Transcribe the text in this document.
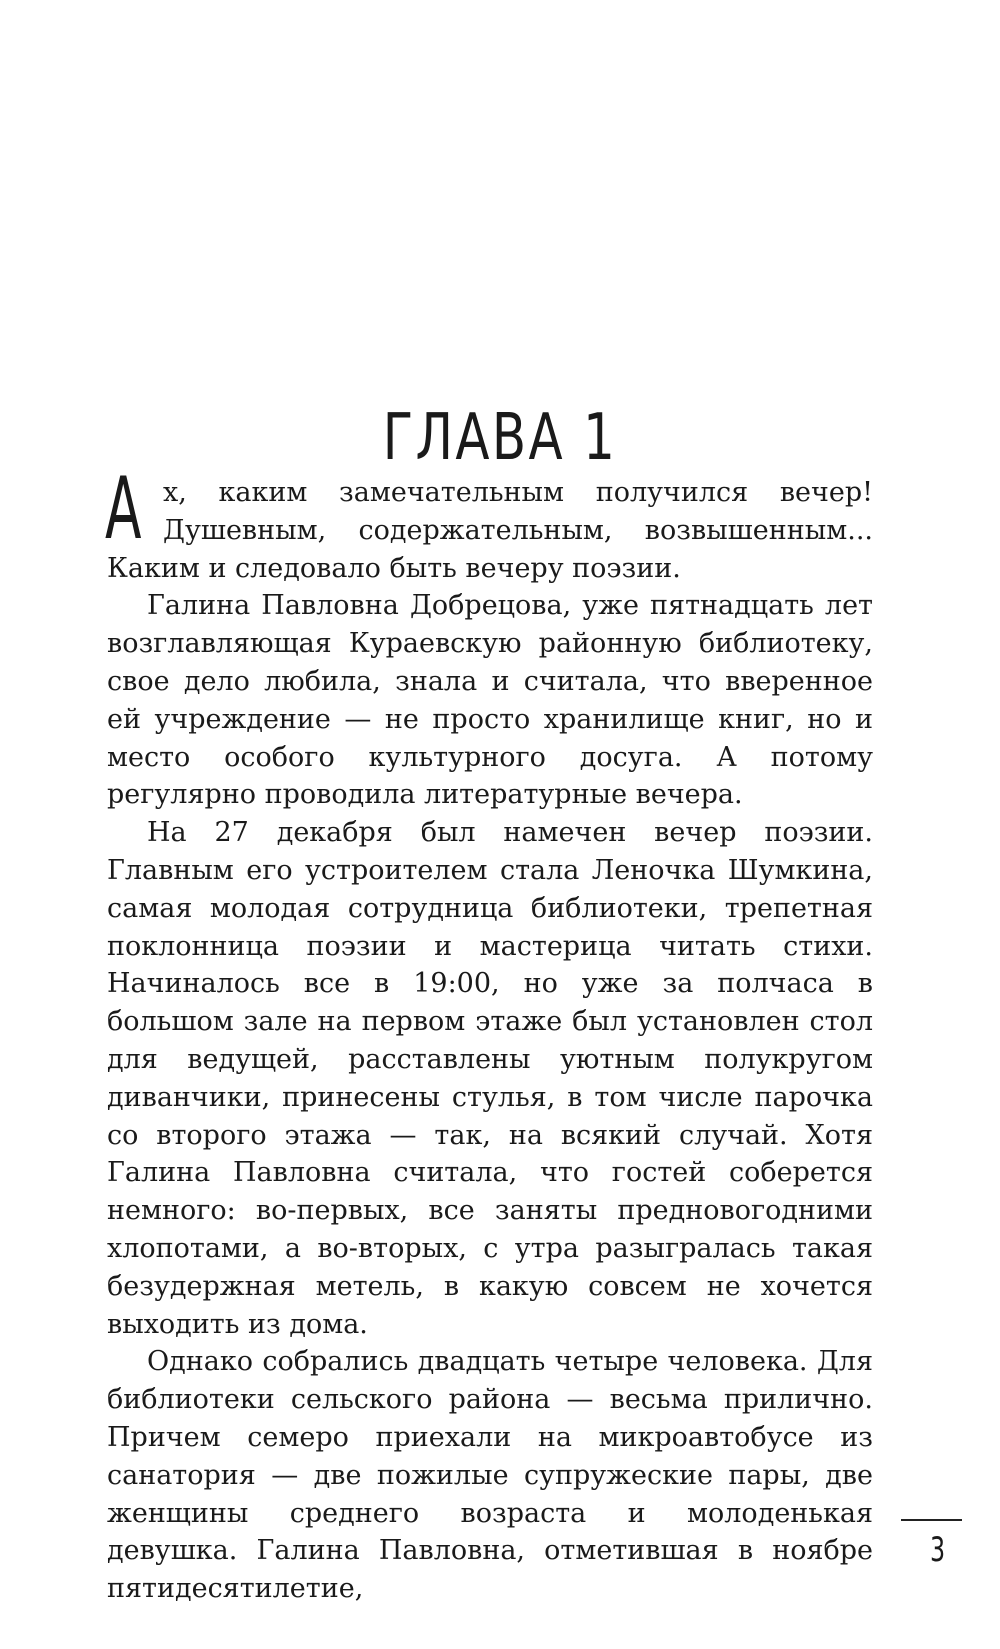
ГЛАВА 1

Ах, каким замечательным получился вечер! Душевным, содержательным, возвышенным... Каким и следовало быть вечеру поэзии.

Галина Павловна Добрецова, уже пятнадцать лет возглавляющая Кураевскую районную библиотеку, свое дело любила, знала и считала, что вверенное ей учреждение — не просто хранилище книг, но и место особого культурного досуга. А потому регулярно проводила литературные вечера.

На 27 декабря был намечен вечер поэзии. Главным его устроителем стала Леночка Шумкина, самая молодая сотрудница библиотеки, трепетная поклонница поэзии и мастерица читать стихи. Начиналось все в 19:00, но уже за полчаса в большом зале на первом этаже был установлен стол для ведущей, расставлены уютным полукругом диванчики, принесены стулья, в том числе парочка со второго этажа — так, на всякий случай. Хотя Галина Павловна считала, что гостей соберется немного: во-первых, все заняты предновогодними хлопотами, а во-вторых, с утра разыгралась такая безудержная метель, в какую совсем не хочется выходить из дома.

Однако собрались двадцать четыре человека. Для библиотеки сельского района — весьма прилично. Причем семеро приехали на микроавтобусе из санатория — две пожилые супружеские пары, две женщины среднего возраста и молоденькая девушка. Галина Павловна, отметившая в ноябре пятидесятилетие,

3
